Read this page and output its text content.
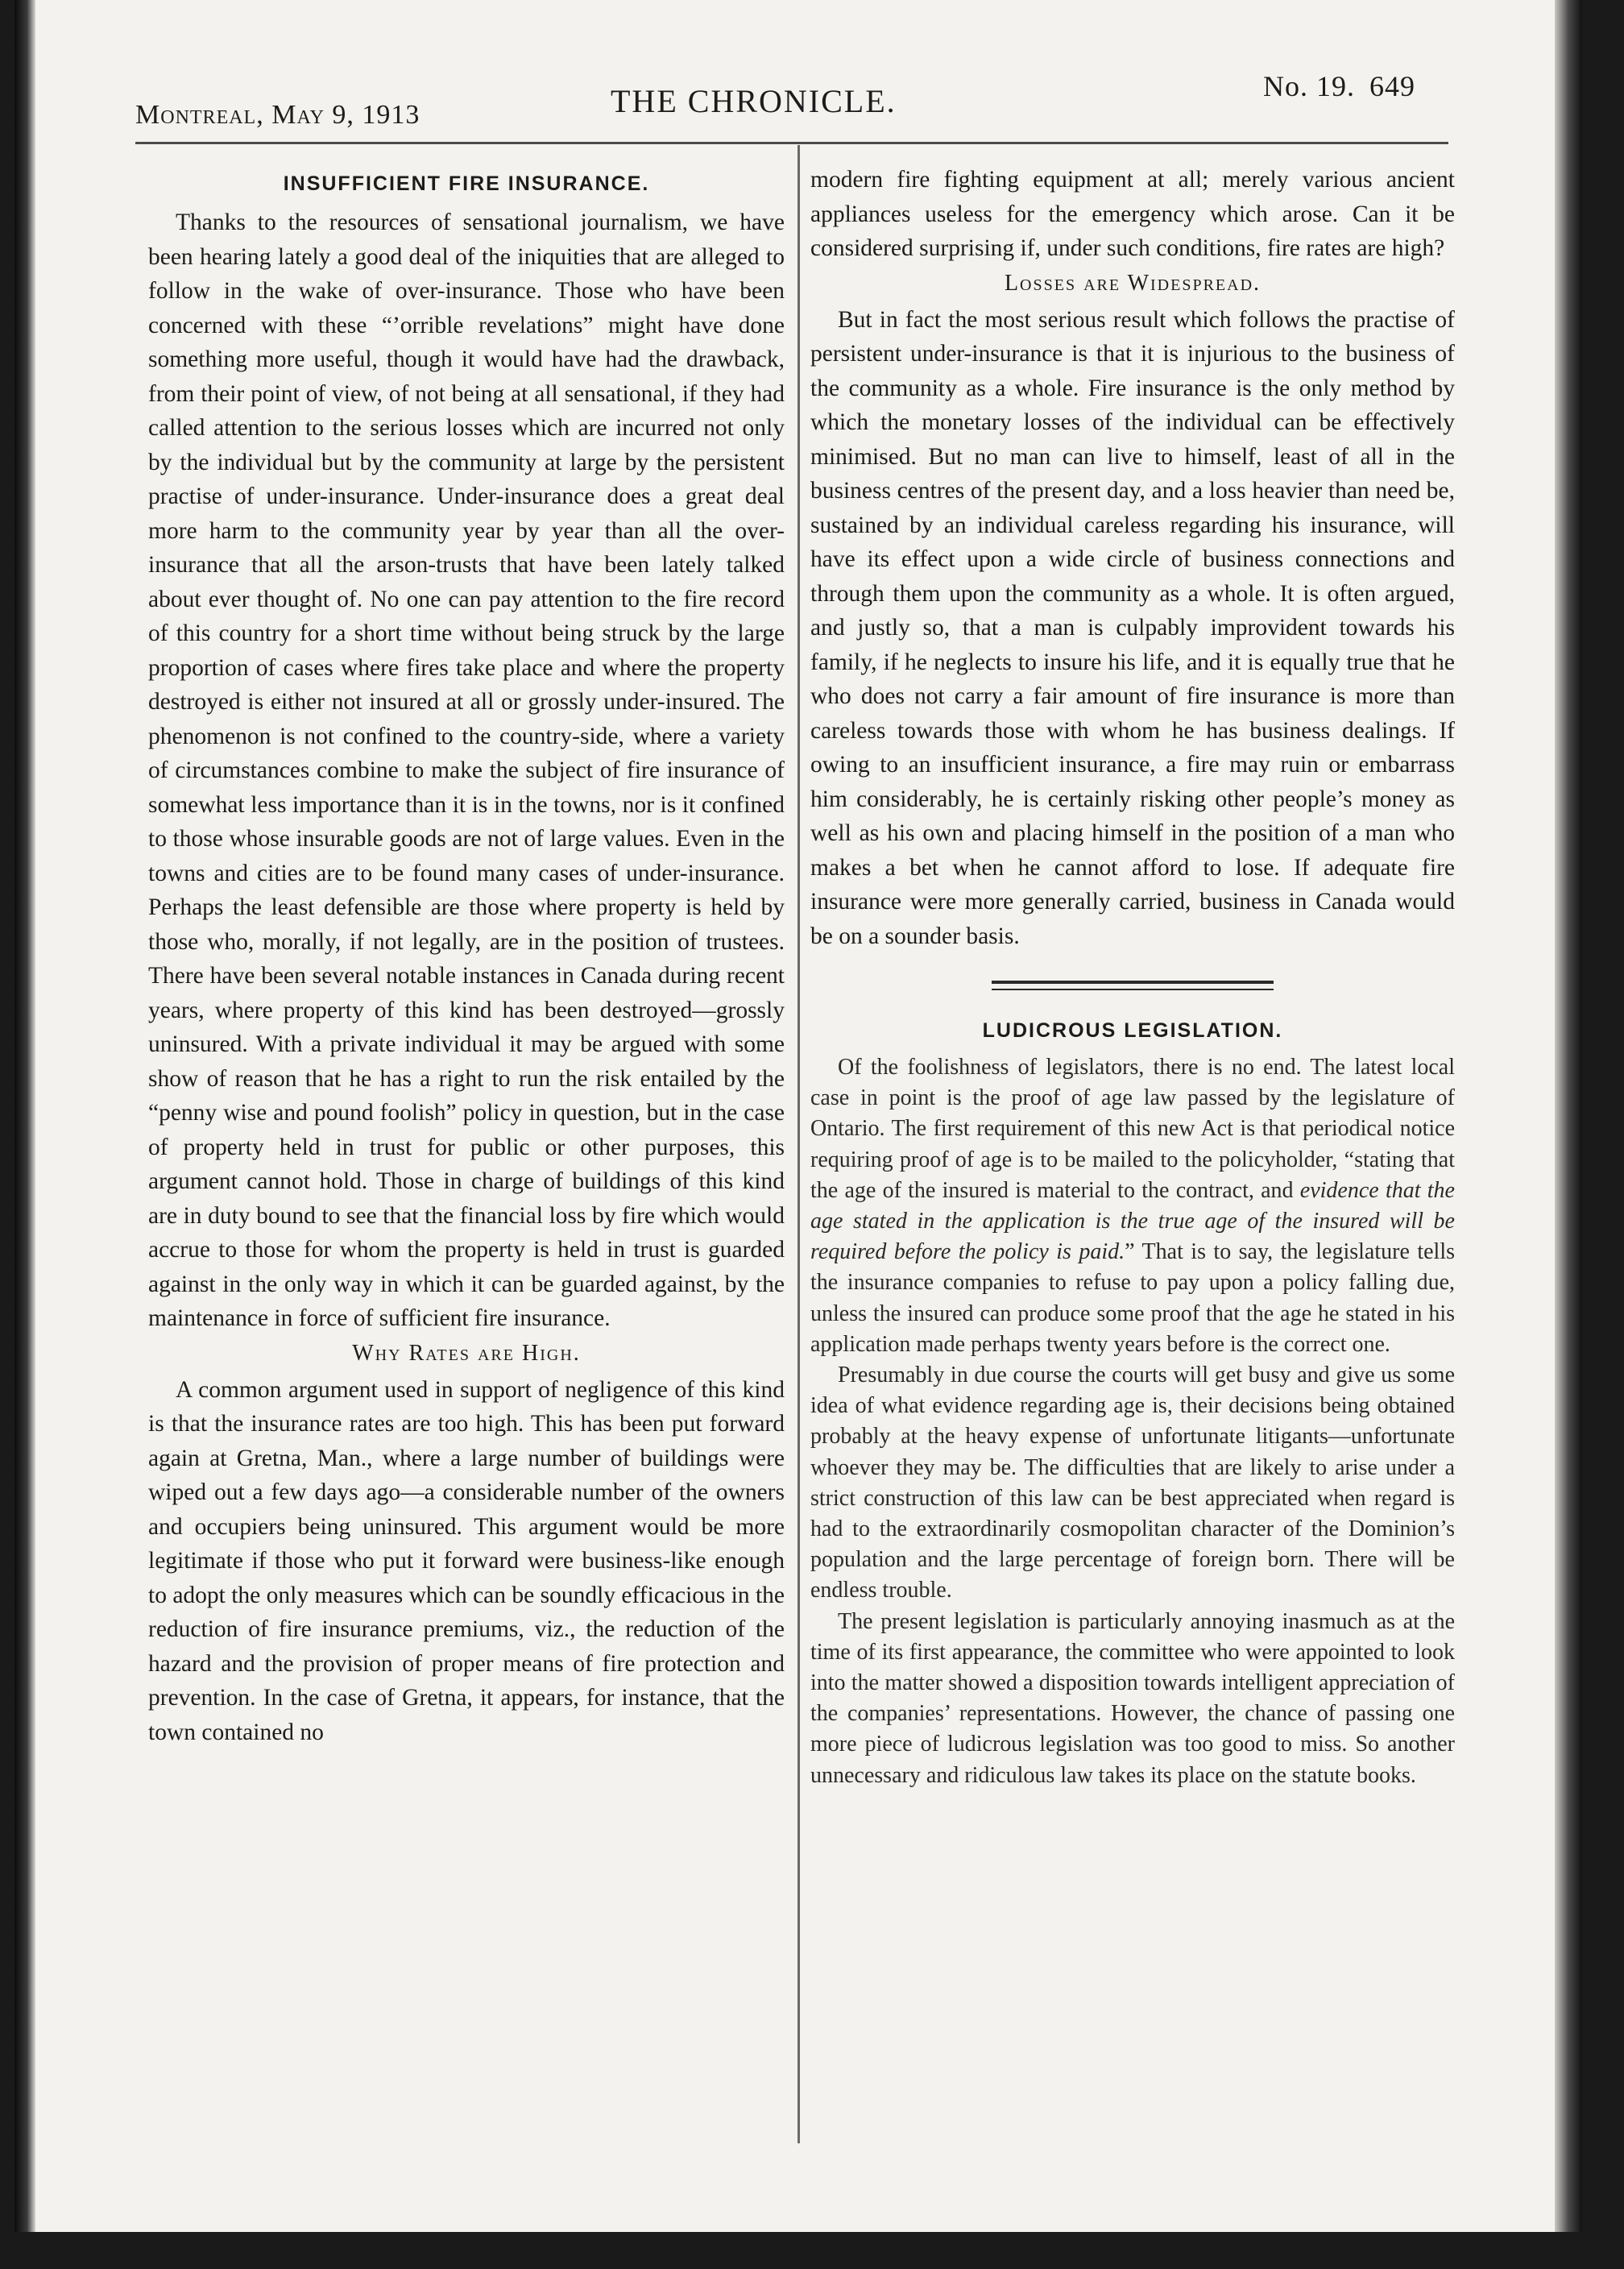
Montreal, May 9, 1913	THE CHRONICLE.	No. 19. 649
INSUFFICIENT FIRE INSURANCE.

Thanks to the resources of sensational journalism, we have been hearing lately a good deal of the iniquities that are alleged to follow in the wake of over-insurance. Those who have been concerned with these “’orrible revelations” might have done something more useful, though it would have had the drawback, from their point of view, of not being at all sensational, if they had called attention to the serious losses which are incurred not only by the individual but by the community at large by the persistent practise of under-insurance. Under-insurance does a great deal more harm to the community year by year than all the over-insurance that all the arson-trusts that have been lately talked about ever thought of. No one can pay attention to the fire record of this country for a short time without being struck by the large proportion of cases where fires take place and where the property destroyed is either not insured at all or grossly under-insured. The phenomenon is not confined to the country-side, where a variety of circumstances combine to make the subject of fire insurance of somewhat less importance than it is in the towns, nor is it confined to those whose insurable goods are not of large values. Even in the towns and cities are to be found many cases of under-insurance. Perhaps the least defensible are those where property is held by those who, morally, if not legally, are in the position of trustees. There have been several notable instances in Canada during recent years, where property of this kind has been destroyed—grossly uninsured. With a private individual it may be argued with some show of reason that he has a right to run the risk entailed by the “penny wise and pound foolish” policy in question, but in the case of property held in trust for public or other purposes, this argument cannot hold. Those in charge of buildings of this kind are in duty bound to see that the financial loss by fire which would accrue to those for whom the property is held in trust is guarded against in the only way in which it can be guarded against, by the maintenance in force of sufficient fire insurance.

Why Rates are High.

A common argument used in support of negligence of this kind is that the insurance rates are too high. This has been put forward again at Gretna, Man., where a large number of buildings were wiped out a few days ago—a considerable number of the owners and occupiers being uninsured. This argument would be more legitimate if those who put it forward were business-like enough to adopt the only measures which can be soundly efficacious in the reduction of fire insurance premiums, viz., the reduction of the hazard and the provision of proper means of fire protection and prevention. In the case of Gretna, it appears, for instance, that the town contained no

modern fire fighting equipment at all; merely various ancient appliances useless for the emergency which arose. Can it be considered surprising if, under such conditions, fire rates are high?

Losses are Widespread.

But in fact the most serious result which follows the practise of persistent under-insurance is that it is injurious to the business of the community as a whole. Fire insurance is the only method by which the monetary losses of the individual can be effectively minimised. But no man can live to himself, least of all in the business centres of the present day, and a loss heavier than need be, sustained by an individual careless regarding his insurance, will have its effect upon a wide circle of business connections and through them upon the community as a whole. It is often argued, and justly so, that a man is culpably improvident towards his family, if he neglects to insure his life, and it is equally true that he who does not carry a fair amount of fire insurance is more than careless towards those with whom he has business dealings. If owing to an insufficient insurance, a fire may ruin or embarrass him considerably, he is certainly risking other people’s money as well as his own and placing himself in the position of a man who makes a bet when he cannot afford to lose. If adequate fire insurance were more generally carried, business in Canada would be on a sounder basis.

LUDICROUS LEGISLATION.

Of the foolishness of legislators, there is no end. The latest local case in point is the proof of age law passed by the legislature of Ontario. The first requirement of this new Act is that periodical notice requiring proof of age is to be mailed to the policyholder, “stating that the age of the insured is material to the contract, and evidence that the age stated in the application is the true age of the insured will be required before the policy is paid.” That is to say, the legislature tells the insurance companies to refuse to pay upon a policy falling due, unless the insured can produce some proof that the age he stated in his application made perhaps twenty years before is the correct one.

Presumably in due course the courts will get busy and give us some idea of what evidence regarding age is, their decisions being obtained probably at the heavy expense of unfortunate litigants—unfortunate whoever they may be. The difficulties that are likely to arise under a strict construction of this law can be best appreciated when regard is had to the extraordinarily cosmopolitan character of the Dominion’s population and the large percentage of foreign born. There will be endless trouble.

The present legislation is particularly annoying inasmuch as at the time of its first appearance, the committee who were appointed to look into the matter showed a disposition towards intelligent appreciation of the companies’ representations. However, the chance of passing one more piece of ludicrous legislation was too good to miss. So another unnecessary and ridiculous law takes its place on the statute books.
